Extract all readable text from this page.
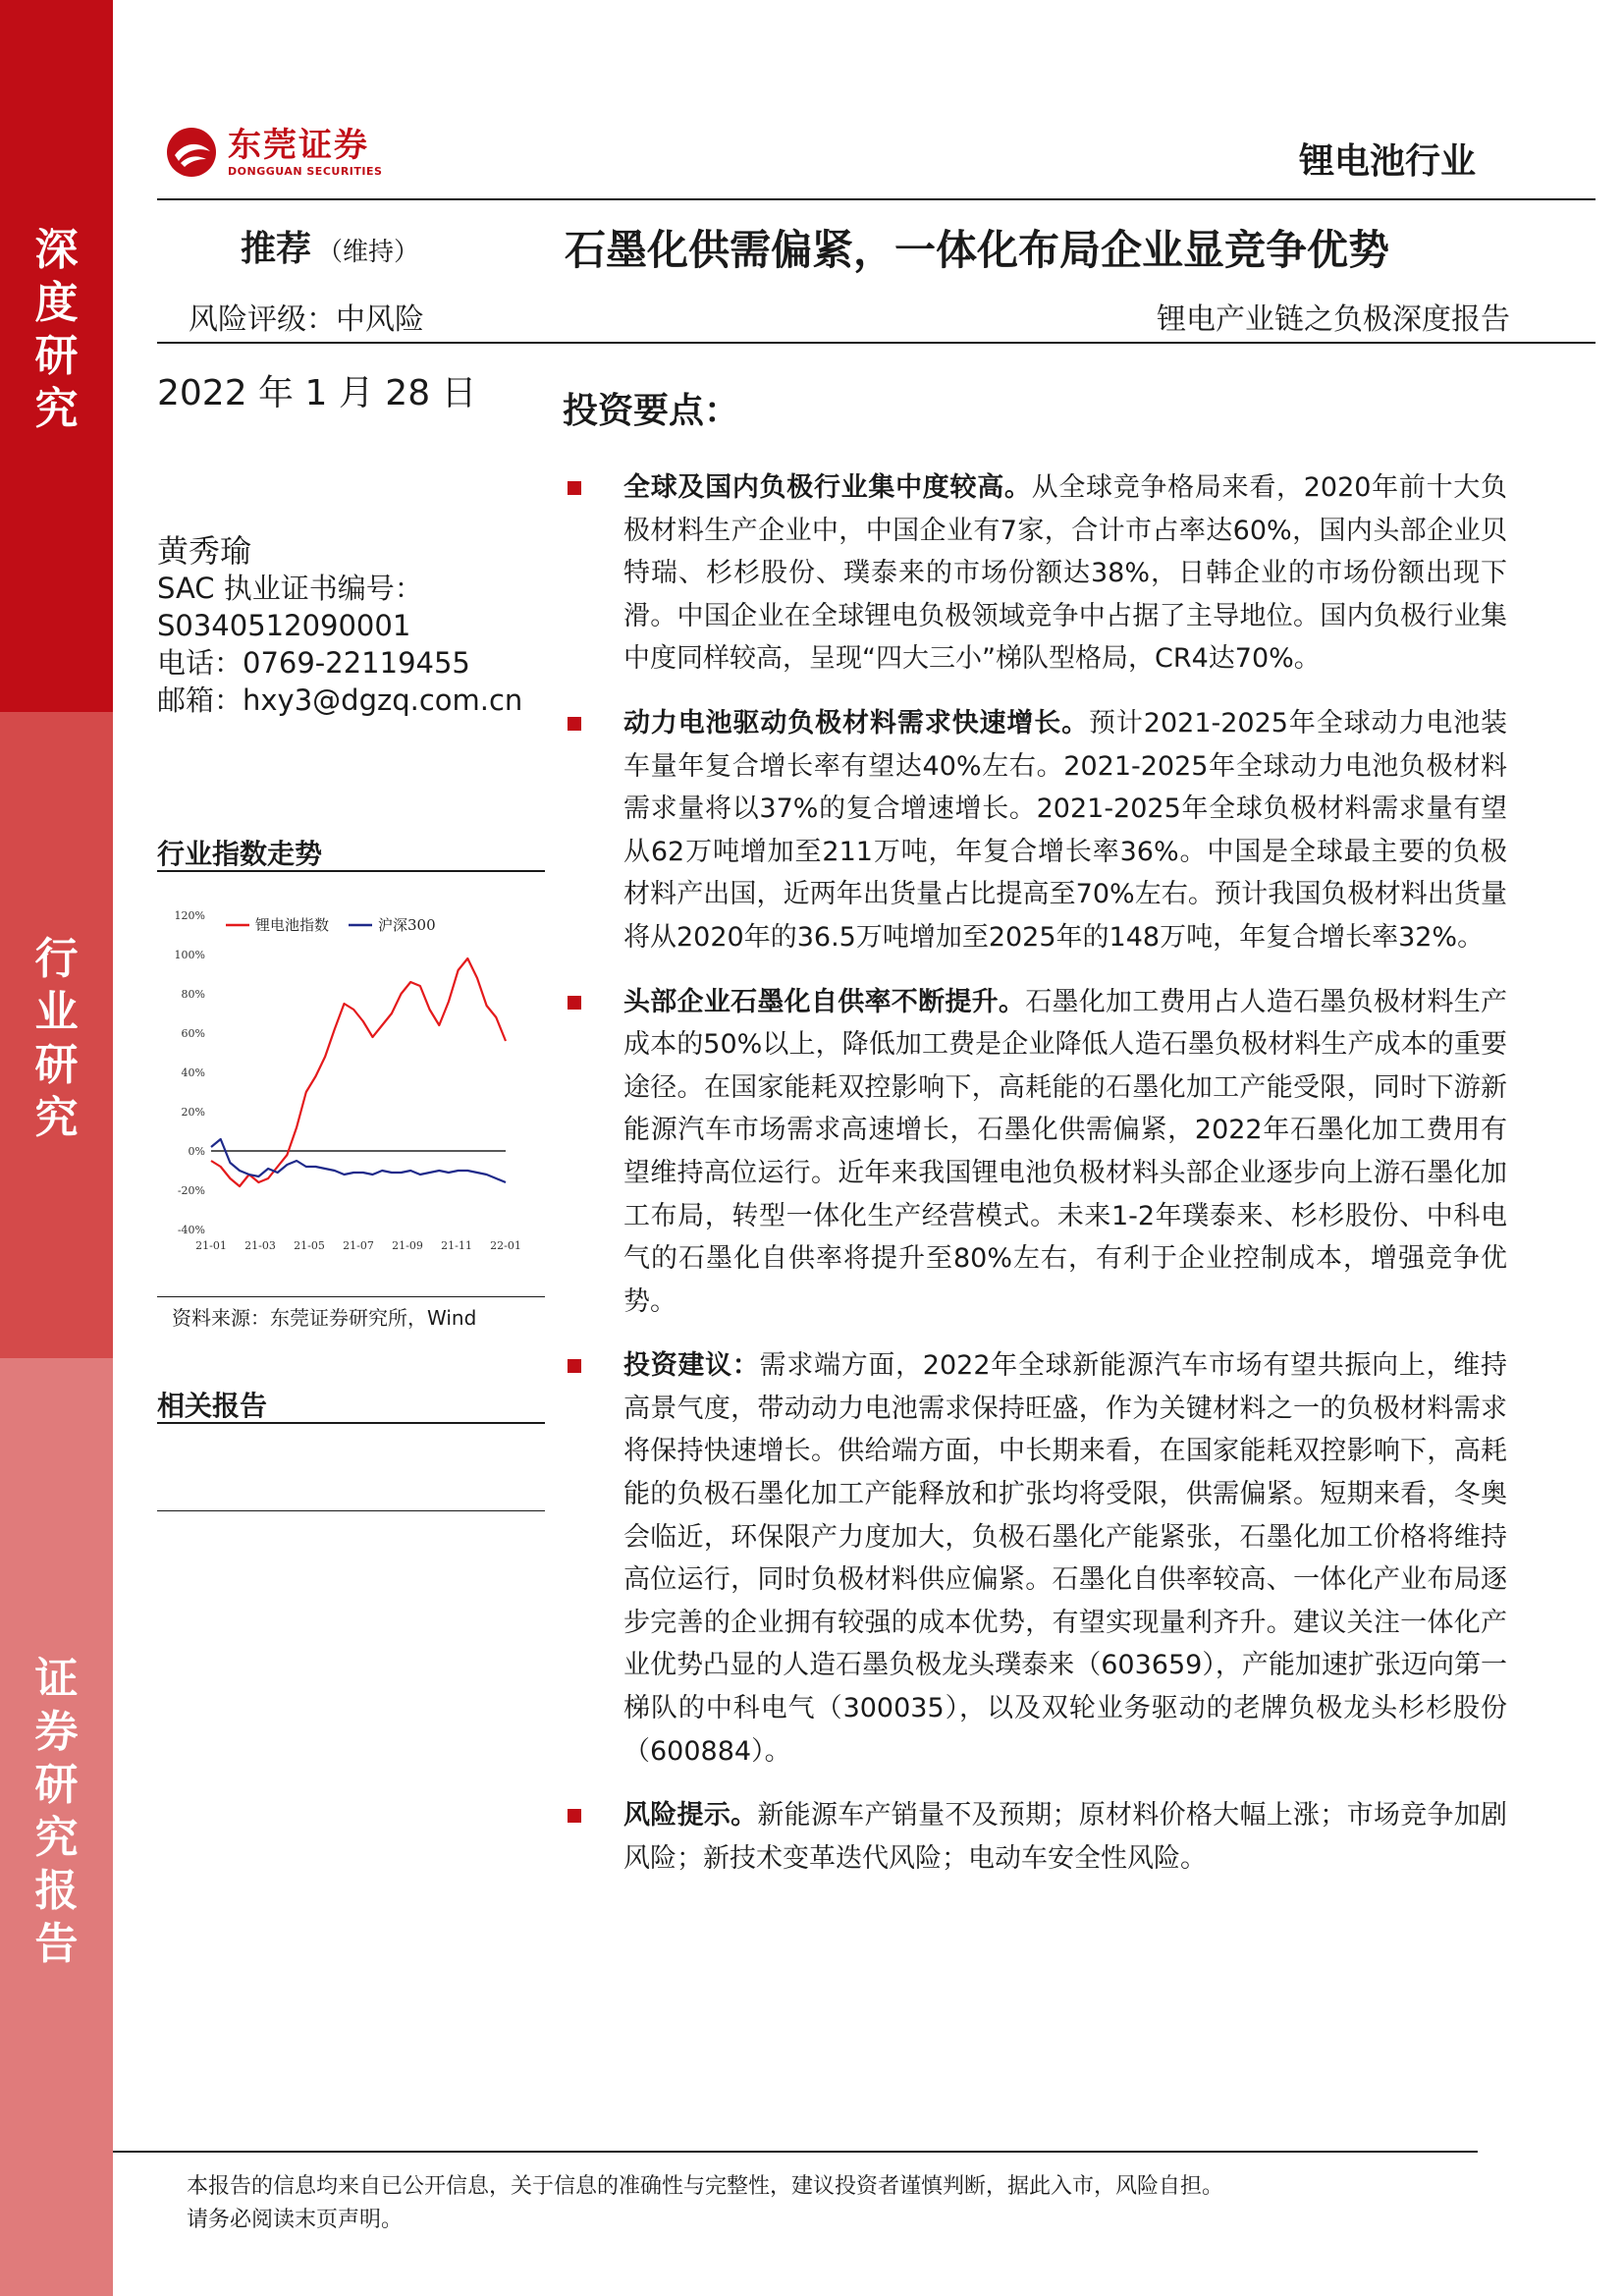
深度研究
行业研究
证券研究报告
东莞证券
DONGGUAN SECURITIES	锂电池行业
推荐 （维持）	石墨化供需偏紧，一体化布局企业显竞争优势
风险评级：中风险	锂电产业链之负极深度报告
2022 年 1 月 28 日
黄秀瑜
SAC 执业证书编号：
S0340512090001
电话：0769-22119455
邮箱：hxy3@dgzq.com.cn
行业指数走势
120%
100%
80%
60%
40%
20%
0%
-20%
-40%
21-01 21-03 21-05 21-07 21-09 21-11 22-01
锂电池指数	沪深300
资料来源：东莞证券研究所，Wind
相关报告
投资要点：
全球及国内负极行业集中度较高。从全球竞争格局来看，2020年前十大负极材料生产企业中，中国企业有7家，合计市占率达60%，国内头部企业贝特瑞、杉杉股份、璞泰来的市场份额达38%，日韩企业的市场份额出现下滑。中国企业在全球锂电负极领域竞争中占据了主导地位。国内负极行业集中度同样较高，呈现“四大三小”梯队型格局，CR4达70%。
动力电池驱动负极材料需求快速增长。预计2021-2025年全球动力电池装车量年复合增长率有望达40%左右。2021-2025年全球动力电池负极材料需求量将以37%的复合增速增长。2021-2025年全球负极材料需求量有望从62万吨增加至211万吨，年复合增长率36%。中国是全球最主要的负极材料产出国，近两年出货量占比提高至70%左右。预计我国负极材料出货量将从2020年的36.5万吨增加至2025年的148万吨，年复合增长率32%。
头部企业石墨化自供率不断提升。石墨化加工费用占人造石墨负极材料生产成本的50%以上，降低加工费是企业降低人造石墨负极材料生产成本的重要途径。在国家能耗双控影响下，高耗能的石墨化加工产能受限，同时下游新能源汽车市场需求高速增长，石墨化供需偏紧，2022年石墨化加工费用有望维持高位运行。近年来我国锂电池负极材料头部企业逐步向上游石墨化加工布局，转型一体化生产经营模式。未来1-2年璞泰来、杉杉股份、中科电气的石墨化自供率将提升至80%左右，有利于企业控制成本，增强竞争优势。
投资建议：需求端方面，2022年全球新能源汽车市场有望共振向上，维持高景气度，带动动力电池需求保持旺盛，作为关键材料之一的负极材料需求将保持快速增长。供给端方面，中长期来看，在国家能耗双控影响下，高耗能的负极石墨化加工产能释放和扩张均将受限，供需偏紧。短期来看，冬奥会临近，环保限产力度加大，负极石墨化产能紧张，石墨化加工价格将维持高位运行，同时负极材料供应偏紧。石墨化自供率较高、一体化产业布局逐步完善的企业拥有较强的成本优势，有望实现量利齐升。建议关注一体化产业优势凸显的人造石墨负极龙头璞泰来（603659），产能加速扩张迈向第一梯队的中科电气（300035），以及双轮业务驱动的老牌负极龙头杉杉股份（600884）。
风险提示。新能源车产销量不及预期；原材料价格大幅上涨；市场竞争加剧风险；新技术变革迭代风险；电动车安全性风险。
本报告的信息均来自已公开信息，关于信息的准确性与完整性，建议投资者谨慎判断，据此入市，风险自担。
请务必阅读末页声明。
